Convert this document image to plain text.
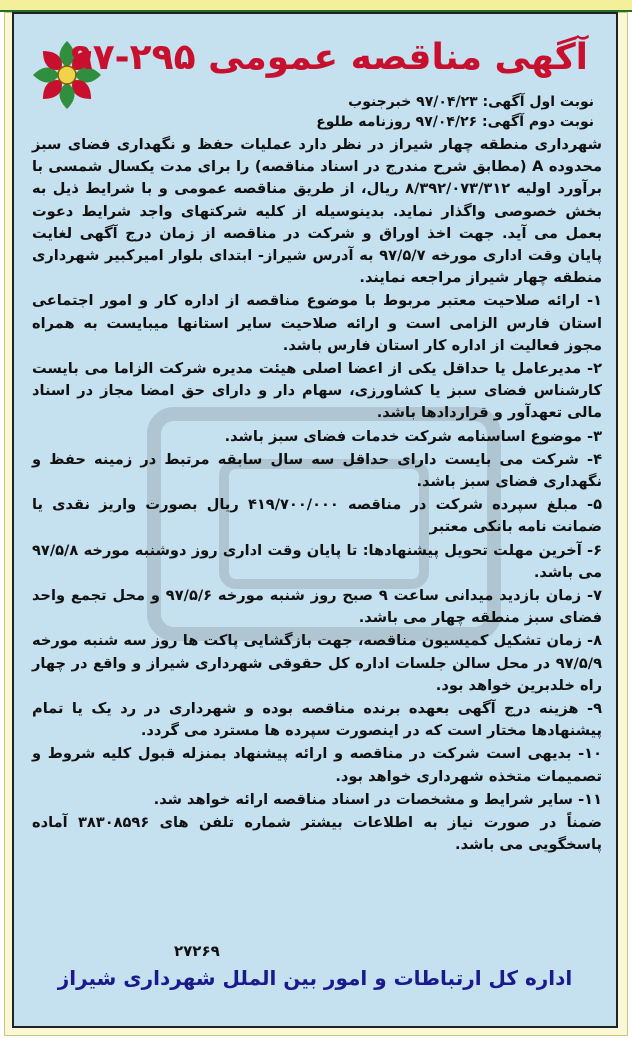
آگهی مناقصه عمومی ۲۹۵-۹۷
نوبت اول آگهی: ۹۷/۰۴/۲۳ خبرجنوب
نوبت دوم آگهی: ۹۷/۰۴/۲۶ روزنامه طلوع

شهرداری منطقه چهار شیراز در نظر دارد عملیات حفظ و نگهداری فضای سبز محدوده A (مطابق شرح مندرج در اسناد مناقصه) را برای مدت یکسال شمسی با برآورد اولیه ۸/۳۹۲/۰۷۳/۳۱۲ ریال، از طریق مناقصه عمومی و با شرایط ذیل به بخش خصوصی واگذار نماید. بدینوسیله از کلیه شرکتهای واجد شرایط دعوت بعمل می آید. جهت اخذ اوراق و شرکت در مناقصه از زمان درج آگهی لغایت پایان وقت اداری مورخه ۹۷/۵/۷ به آدرس شیراز- ابتدای بلوار امیرکبیر شهرداری منطقه چهار شیراز مراجعه نمایند.

۱- ارائه صلاحیت معتبر مربوط با موضوع مناقصه از اداره کار و امور اجتماعی استان فارس الزامی است و ارائه صلاحیت سایر استانها میبایست به همراه مجوز فعالیت از اداره کار استان فارس باشد.

۲- مدیرعامل یا حداقل یکی از اعضا اصلی هیئت مدیره شرکت الزاما می بایست کارشناس فضای سبز یا کشاورزی، سهام دار و دارای حق امضا مجاز در اسناد مالی تعهدآور و قراردادها باشد.

۳- موضوع اساسنامه شرکت خدمات فضای سبز باشد.

۴- شرکت می بایست دارای حداقل سه سال سابقه مرتبط در زمینه حفظ و نگهداری فضای سبز باشد.

۵- مبلغ سپرده شرکت در مناقصه ۴۱۹/۷۰۰/۰۰۰ ریال بصورت واریز نقدی یا ضمانت نامه بانکی معتبر

۶- آخرین مهلت تحویل پیشنهادها: تا پایان وقت اداری روز دوشنبه مورخه ۹۷/۵/۸ می باشد.

۷- زمان بازدید میدانی ساعت ۹ صبح روز شنبه مورخه ۹۷/۵/۶ و محل تجمع واحد فضای سبز منطقه چهار می باشد.

۸- زمان تشکیل کمیسیون مناقصه، جهت بازگشایی پاکت ها روز سه شنبه مورخه ۹۷/۵/۹ در محل سالن جلسات اداره کل حقوقی شهرداری شیراز و واقع در چهار راه خلدبرین خواهد بود.

۹- هزینه درج آگهی بعهده برنده مناقصه بوده و شهرداری در رد یک یا تمام پیشنهادها مختار است که در اینصورت سپرده ها مسترد می گردد.

۱۰- بدیهی است شرکت در مناقصه و ارائه پیشنهاد بمنزله قبول کلیه شروط و تصمیمات متخذه شهرداری خواهد بود.

۱۱- سایر شرایط و مشخصات در اسناد مناقصه ارائه خواهد شد.

ضمناً در صورت نیاز به اطلاعات بیشتر شماره تلفن های ۳۸۳۰۸۵۹۶ آماده پاسخگویی می باشد.

۲۷۲۶۹
اداره کل ارتباطات و امور بین الملل شهرداری شیراز
